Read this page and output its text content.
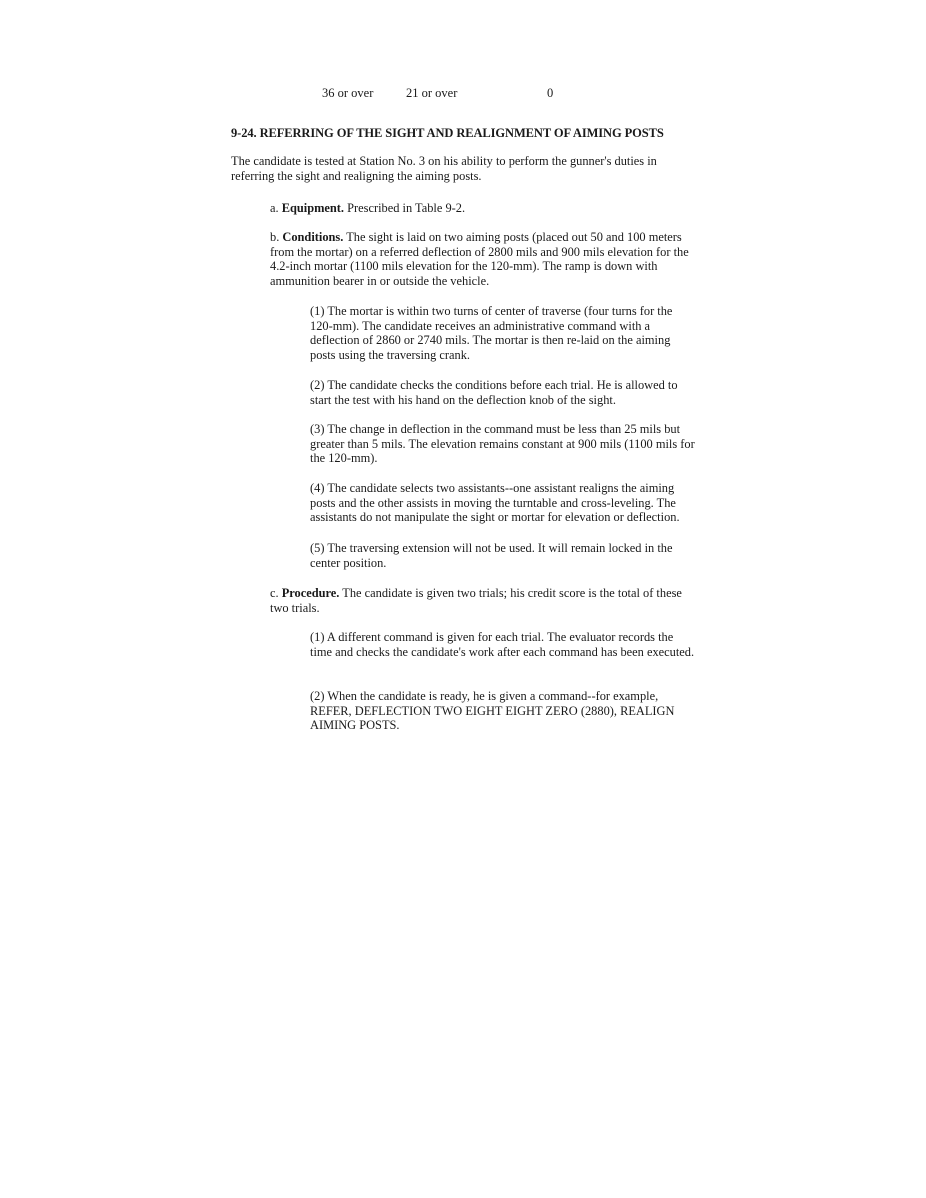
36 or over	21 or over	0
9-24. REFERRING OF THE SIGHT AND REALIGNMENT OF AIMING POSTS

The candidate is tested at Station No. 3 on his ability to perform the gunner's duties in referring the sight and realigning the aiming posts.

a. Equipment. Prescribed in Table 9-2.

b. Conditions. The sight is laid on two aiming posts (placed out 50 and 100 meters from the mortar) on a referred deflection of 2800 mils and 900 mils elevation for the 4.2-inch mortar (1100 mils elevation for the 120-mm). The ramp is down with ammunition bearer in or outside the vehicle.

(1) The mortar is within two turns of center of traverse (four turns for the 120-mm). The candidate receives an administrative command with a deflection of 2860 or 2740 mils. The mortar is then re-laid on the aiming posts using the traversing crank.

(2) The candidate checks the conditions before each trial. He is allowed to start the test with his hand on the deflection knob of the sight.

(3) The change in deflection in the command must be less than 25 mils but greater than 5 mils. The elevation remains constant at 900 mils (1100 mils for the 120-mm).

(4) The candidate selects two assistants--one assistant realigns the aiming posts and the other assists in moving the turntable and cross-leveling. The assistants do not manipulate the sight or mortar for elevation or deflection.

(5) The traversing extension will not be used. It will remain locked in the center position.

c. Procedure. The candidate is given two trials; his credit score is the total of these two trials.

(1) A different command is given for each trial. The evaluator records the time and checks the candidate's work after each command has been executed.

(2) When the candidate is ready, he is given a command--for example, REFER, DEFLECTION TWO EIGHT EIGHT ZERO (2880), REALIGN AIMING POSTS.
